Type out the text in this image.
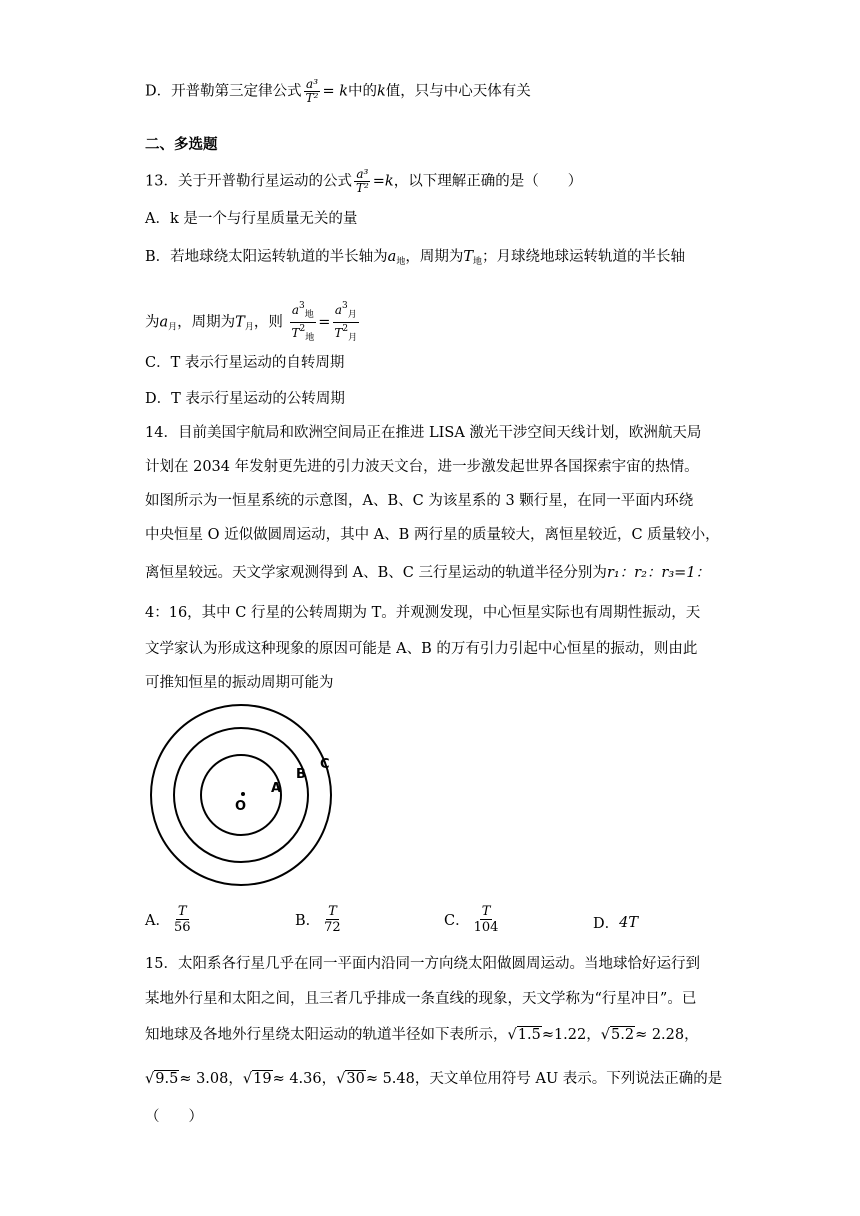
D．开普勒第三定律公式 $\frac{\text{a³}}{\text{T²}} = k$中的k值，只与中心天体有关
二、多选题
13．关于开普勒行星运动的公式 $\frac{\text{a³}}{\text{T²}} =k$，以下理解正确的是（　　）
A．k 是一个与行星质量无关的量
B．若地球绕太阳运转轨道的半长轴为$a_地$，周期为$T_地$；月球绕地球运转轨道的半长轴
为$a_月$，周期为$T_月$，则 $\frac{a^3_地}{T^2_地} = \frac{a^3_月}{T^2_月}$
C．T 表示行星运动的自转周期
D．T 表示行星运动的公转周期
14．目前美国宇航局和欧洲空间局正在推进 LISA 激光干涉空间天线计划，欧洲航天局
计划在 2034 年发射更先进的引力波天文台，进一步激发起世界各国探索宇宙的热情。
如图所示为一恒星系统的示意图，A、B、C 为该星系的 3 颗行星，在同一平面内环绕
中央恒星 O 近似做圆周运动，其中 A、B 两行星的质量较大，离恒星较近，C 质量较小，
离恒星较远。天文学家观测得到 A、B、C 三行星运动的轨道半径分别为r₁：r₂：r₃=1：
4：16，其中 C 行星的公转周期为 T。并观测发现，中心恒星实际也有周期性振动，天
文学家认为形成这种现象的原因可能是 A、B 的万有引力引起中心恒星的振动，则由此
可推知恒星的振动周期可能为
O
A
B
C
A． $\frac{T}{56}$	B． $\frac{T}{72}$	C． $\frac{T}{104}$	D． 4T
15．太阳系各行星几乎在同一平面内沿同一方向绕太阳做圆周运动。当地球恰好运行到
某地外行星和太阳之间，且三者几乎排成一条直线的现象，天文学称为“行星冲日”。已
知地球及各地外行星绕太阳运动的轨道半径如下表所示，√1.5≈1.22，√5.2≈ 2.28，
√9.5≈ 3.08，√19≈ 4.36，√30≈ 5.48，天文单位用符号 AU 表示。下列说法正确的是
（　　）
